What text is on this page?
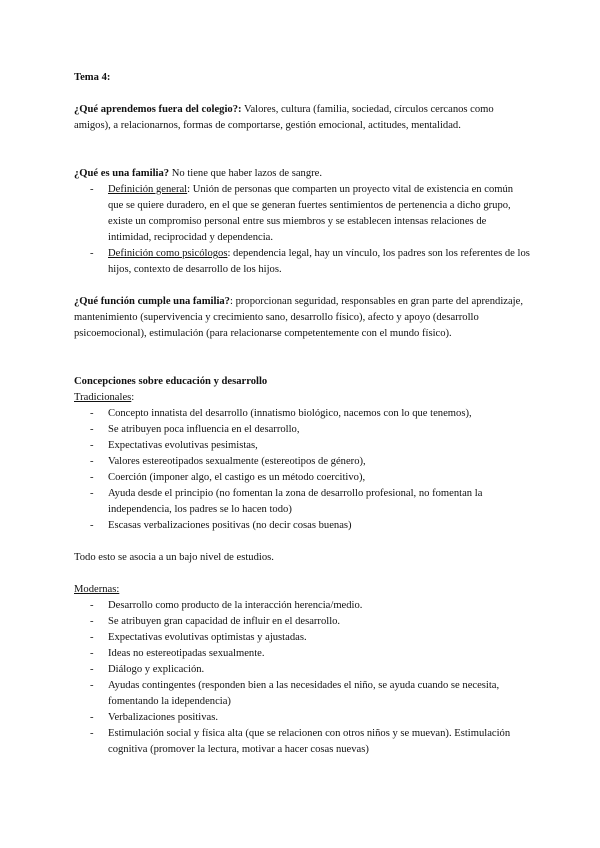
Tema 4:

¿Qué aprendemos fuera del colegio?: Valores, cultura (familia, sociedad, círculos cercanos como amigos), a relacionarnos, formas de comportarse, gestión emocional, actitudes, mentalidad.

¿Qué es una familia? No tiene que haber lazos de sangre.

- Definición general: Unión de personas que comparten un proyecto vital de existencia en común que se quiere duradero, en el que se generan fuertes sentimientos de pertenencia a dicho grupo, existe un compromiso personal entre sus miembros y se establecen intensas relaciones de intimidad, reciprocidad y dependencia.
- Definición como psicólogos: dependencia legal, hay un vínculo, los padres son los referentes de los hijos, contexto de desarrollo de los hijos.

¿Qué función cumple una familia?: proporcionan seguridad, responsables en gran parte del aprendizaje, mantenimiento (supervivencia y crecimiento sano, desarrollo físico), afecto y apoyo (desarrollo psicoemocional), estimulación (para relacionarse competentemente con el mundo físico).

Concepciones sobre educación y desarrollo

Tradicionales:

- Concepto innatista del desarrollo (innatismo biológico, nacemos con lo que tenemos),
- Se atribuyen poca influencia en el desarrollo,
- Expectativas evolutivas pesimistas,
- Valores estereotipados sexualmente (estereotipos de género),
- Coerción (imponer algo, el castigo es un método coercitivo),
- Ayuda desde el principio (no fomentan la zona de desarrollo profesional, no fomentan la independencia, los padres se lo hacen todo)
- Escasas verbalizaciones positivas (no decir cosas buenas)

Todo esto se asocia a un bajo nivel de estudios.

Modernas:

- Desarrollo como producto de la interacción herencia/medio.
- Se atribuyen gran capacidad de influir en el desarrollo.
- Expectativas evolutivas optimistas y ajustadas.
- Ideas no estereotipadas sexualmente.
- Diálogo y explicación.
- Ayudas contingentes (responden bien a las necesidades el niño, se ayuda cuando se necesita, fomentando la idependencia)
- Verbalizaciones positivas.
- Estimulación social y física alta (que se relacionen con otros niños y se muevan). Estimulación cognitiva (promover la lectura, motivar a hacer cosas nuevas)
